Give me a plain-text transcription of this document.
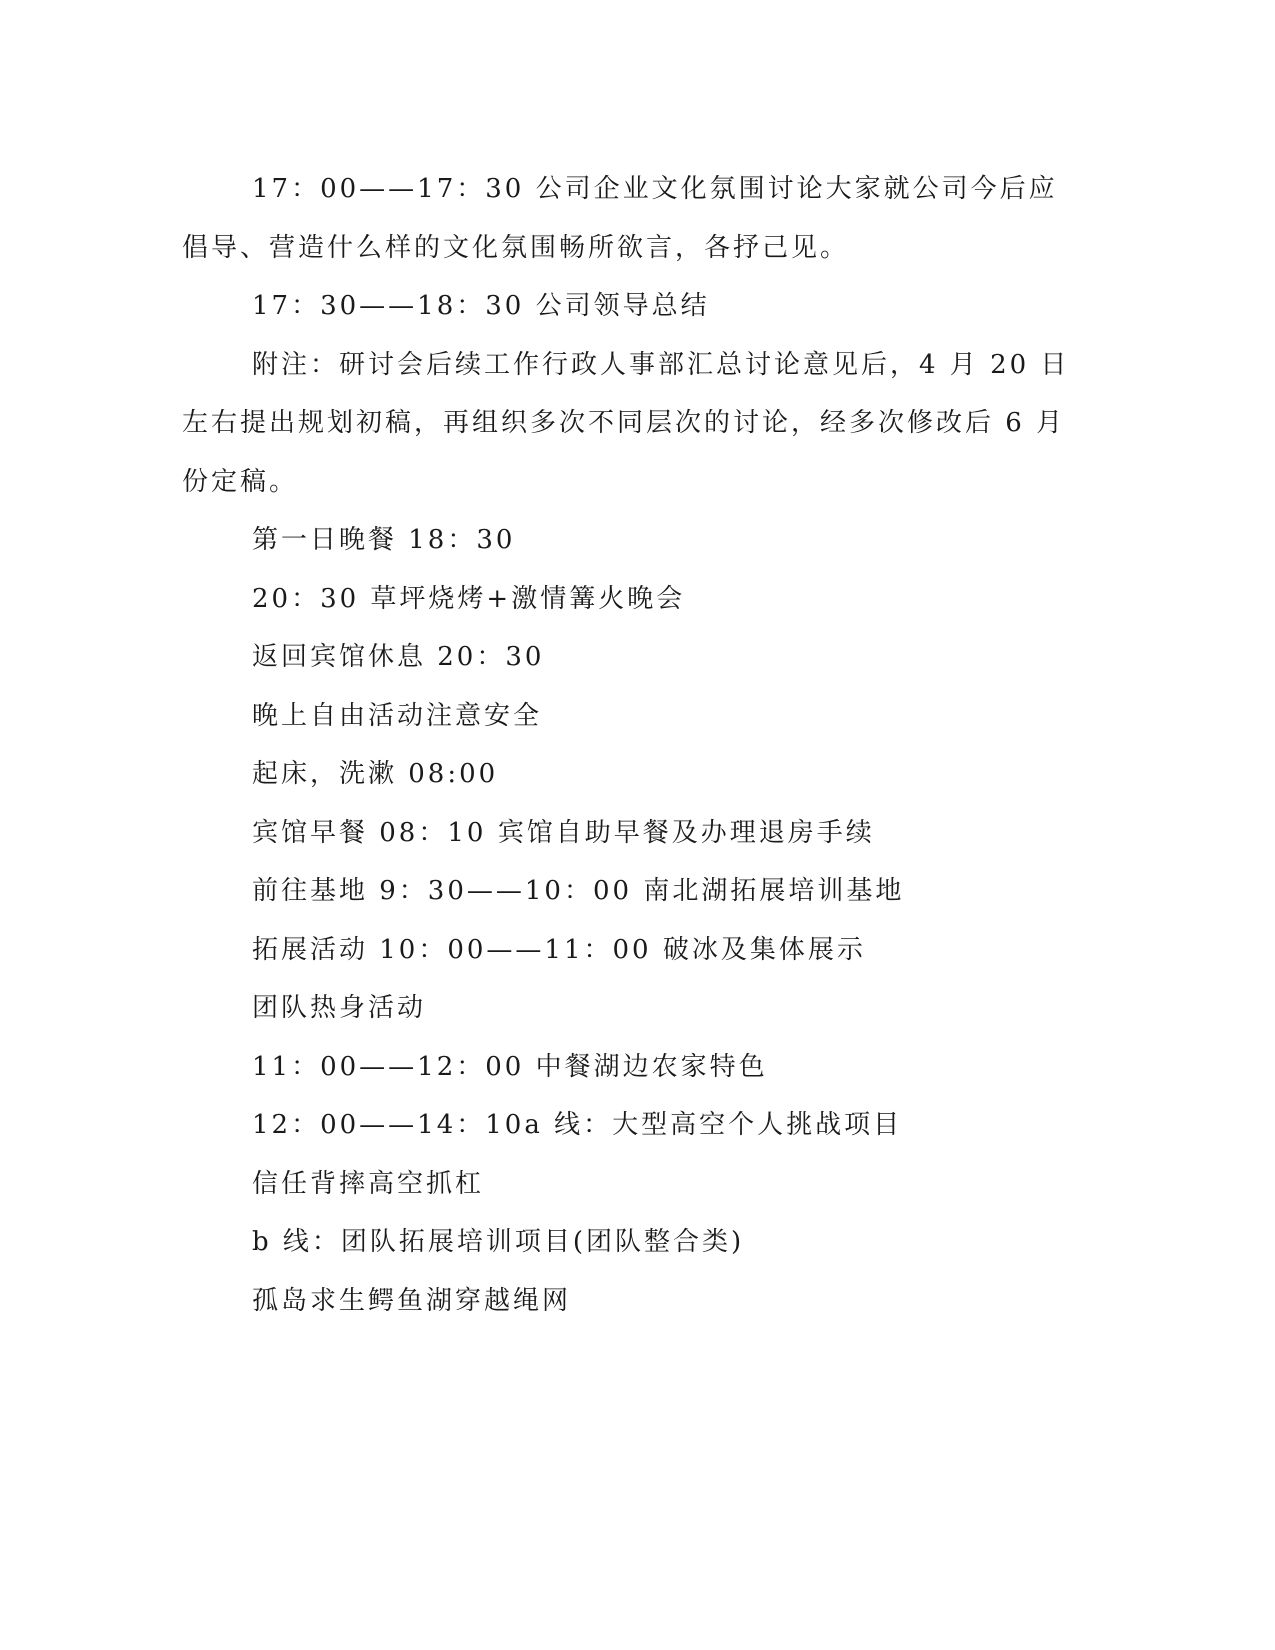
17：00——17：30 公司企业文化氛围讨论大家就公司今后应倡导、营造什么样的文化氛围畅所欲言，各抒己见。

17：30——18：30 公司领导总结

附注：研讨会后续工作行政人事部汇总讨论意见后，4 月 20 日左右提出规划初稿，再组织多次不同层次的讨论，经多次修改后 6 月份定稿。

第一日晚餐 18：30

20：30 草坪烧烤+激情篝火晚会

返回宾馆休息 20：30

晚上自由活动注意安全

起床，洗漱 08:00

宾馆早餐 08：10 宾馆自助早餐及办理退房手续

前往基地 9：30——10：00 南北湖拓展培训基地

拓展活动 10：00——11：00 破冰及集体展示

团队热身活动

11：00——12：00 中餐湖边农家特色

12：00——14：10a 线：大型高空个人挑战项目

信任背摔高空抓杠

b 线：团队拓展培训项目(团队整合类)

孤岛求生鳄鱼湖穿越绳网
